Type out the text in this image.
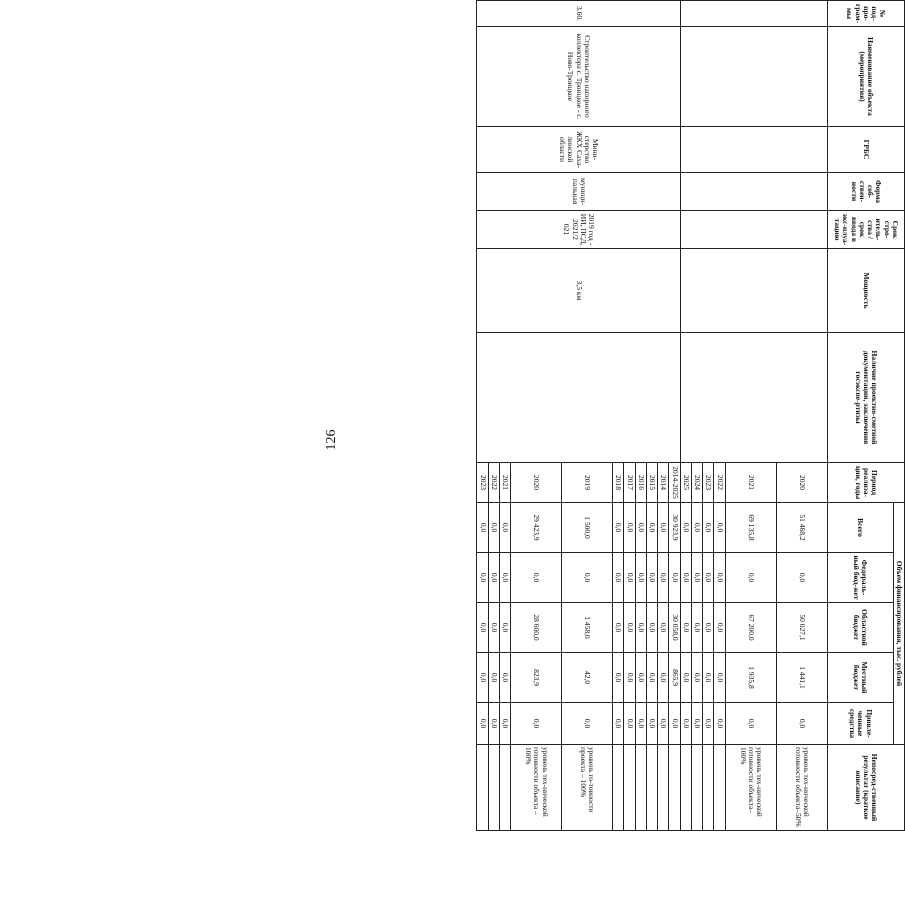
126
№ под-про-грам-мы	Наименование объекта (мероприятия)	ГРБС	Форма соб-ствен-ности	Срок стро-итель-ства / срок ввода в экс-плуа-тацию	Мощность	Наличие проектно-сметной документации, заключения госэкспе-ртизы	Период реализа-ции, годы	Объем финансирования, тыс. рублей					Непосред-ственный результат (краткое описание)
								Всего	Федераль-ный бюд-жет	Областной бюджет	Местный бюджет	Привле-ченные средства	
							2020	51 468,2	0,0	50 027,1	1 441,1	0,0	уровень тех-нической готовности объекта–50%
							2021	69 135,8	0,0	67 200,0	1 935,8	0,0	уровень тех-нической готовности объекта–100%
							2022	0,0	0,0	0,0	0,0	0,0	
							2023	0,0	0,0	0,0	0,0	0,0	
							2024	0,0	0,0	0,0	0,0	0,0	
							2025	0,0	0,0	0,0	0,0	0,0	
3.60.	Строительство напорного коллектора с. Троицкое - с. Ново-Троицкое	Мини-стерство ЖКХ Саха-линской области	муници-пальная	2019 год - ИИ, ПСД, 2021/2 021	3,5 км		2014-2025	30 923,9	0,0	30 058,0	865,9	0,0	
							2014	0,0	0,0	0,0	0,0	0,0	
							2015	0,0	0,0	0,0	0,0	0,0	
							2016	0,0	0,0	0,0	0,0	0,0	
							2017	0,0	0,0	0,0	0,0	0,0	
							2018	0,0	0,0	0,0	0,0	0,0	
							2019	1 500,0	0,0	1 458,0	42,0	0,0	уровень го-товности проекта – 100%
							2020	29 423,9	0,0	28 600,0	823,9	0,0	уровень тех-нической готовности объекта – 100%
							2021	0,0	0,0	0,0	0,0	0,0	
							2022	0,0	0,0	0,0	0,0	0,0	
							2023	0,0	0,0	0,0	0,0	0,0	
